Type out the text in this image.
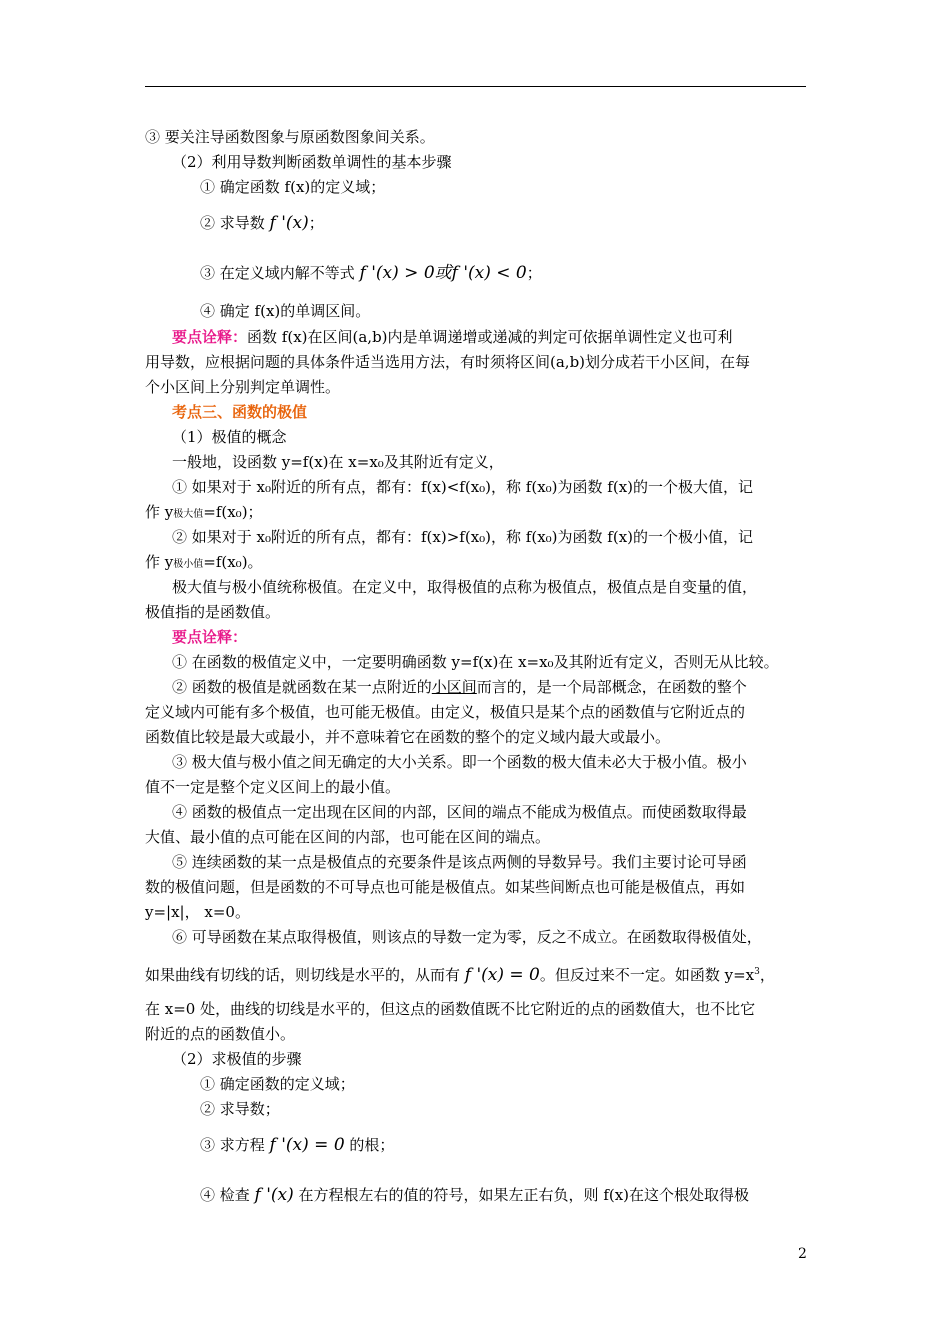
③ 要关注导函数图象与原函数图象间关系。
（2）利用导数判断函数单调性的基本步骤
① 确定函数 f(x)的定义域；
② 求导数 f '(x)；
③ 在定义域内解不等式 f '(x) > 0或f '(x) < 0；
④ 确定 f(x)的单调区间。
要点诠释：函数 f(x)在区间(a,b)内是单调递增或递减的判定可依据单调性定义也可利
用导数，应根据问题的具体条件适当选用方法，有时须将区间(a,b)划分成若干小区间，在每
个小区间上分别判定单调性。
考点三、函数的极值
（1）极值的概念
一般地，设函数 y=f(x)在 x=x₀及其附近有定义，
① 如果对于 x₀附近的所有点，都有：f(x)<f(x₀)，称 f(x₀)为函数 f(x)的一个极大值，记
作 y极大值=f(x₀)；
② 如果对于 x₀附近的所有点，都有：f(x)>f(x₀)，称 f(x₀)为函数 f(x)的一个极小值，记
作 y极小值=f(x₀)。
极大值与极小值统称极值。在定义中，取得极值的点称为极值点，极值点是自变量的值，
极值指的是函数值。
要点诠释：
① 在函数的极值定义中，一定要明确函数 y=f(x)在 x=x₀及其附近有定义，否则无从比较。
② 函数的极值是就函数在某一点附近的小区间而言的，是一个局部概念，在函数的整个
定义域内可能有多个极值，也可能无极值。由定义，极值只是某个点的函数值与它附近点的
函数值比较是最大或最小，并不意味着它在函数的整个的定义域内最大或最小。
③ 极大值与极小值之间无确定的大小关系。即一个函数的极大值未必大于极小值。极小
值不一定是整个定义区间上的最小值。
④ 函数的极值点一定出现在区间的内部，区间的端点不能成为极值点。而使函数取得最
大值、最小值的点可能在区间的内部，也可能在区间的端点。
⑤ 连续函数的某一点是极值点的充要条件是该点两侧的导数异号。我们主要讨论可导函
数的极值问题，但是函数的不可导点也可能是极值点。如某些间断点也可能是极值点，再如
y=|x|， x=0。
⑥ 可导函数在某点取得极值，则该点的导数一定为零，反之不成立。在函数取得极值处，
如果曲线有切线的话，则切线是水平的，从而有 f '(x) = 0。但反过来不一定。如函数 $y=x^3$，
在 x=0 处，曲线的切线是水平的，但这点的函数值既不比它附近的点的函数值大，也不比它
附近的点的函数值小。
（2）求极值的步骤
① 确定函数的定义域；
② 求导数；
③ 求方程 f '(x) = 0 的根；
④ 检查 f '(x) 在方程根左右的值的符号，如果左正右负，则 f(x)在这个根处取得极
2
